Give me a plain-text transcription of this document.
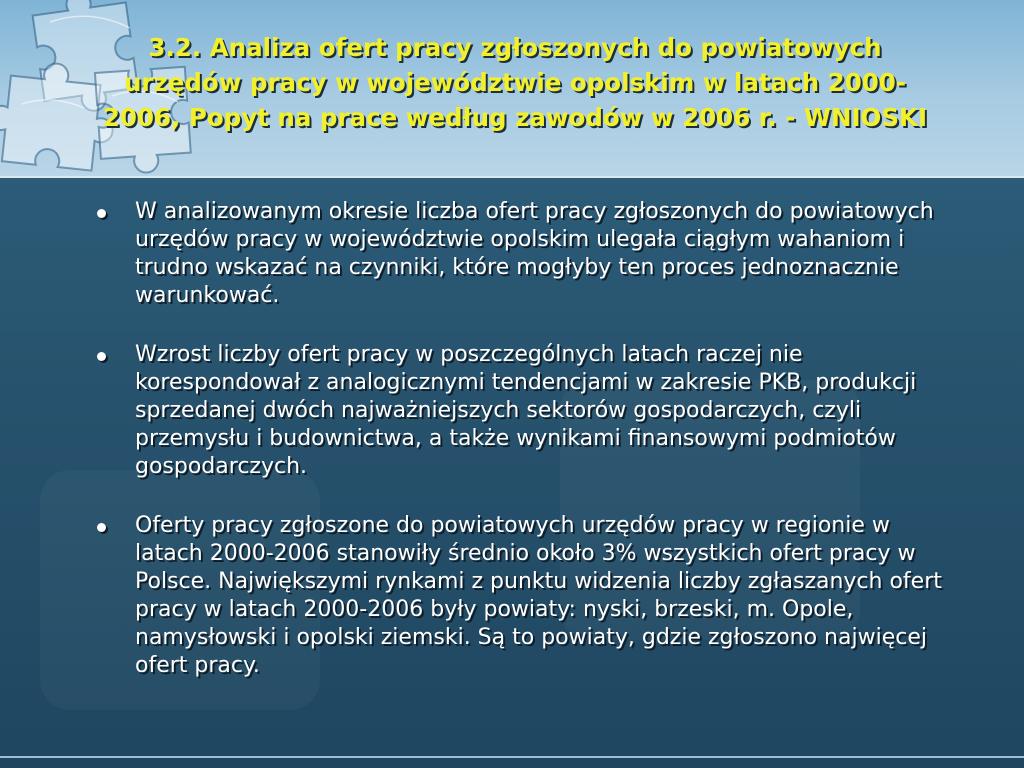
3.2. Analiza ofert pracy zgłoszonych do powiatowych urzędów pracy w województwie opolskim w latach 2000-2006, Popyt na prace według zawodów w 2006 r. - WNIOSKI
W analizowanym okresie liczba ofert pracy zgłoszonych do powiatowych urzędów pracy w województwie opolskim ulegała ciągłym wahaniom i trudno wskazać na czynniki, które mogłyby ten proces jednoznacznie warunkować.
Wzrost liczby ofert pracy w poszczególnych latach raczej nie korespondował z analogicznymi tendencjami w zakresie PKB, produkcji sprzedanej dwóch najważniejszych sektorów gospodarczych, czyli przemysłu i budownictwa, a także wynikami finansowymi podmiotów gospodarczych.
Oferty pracy zgłoszone do powiatowych urzędów pracy w regionie w latach 2000-2006 stanowiły średnio około 3% wszystkich ofert pracy w Polsce. Największymi rynkami z punktu widzenia liczby zgłaszanych ofert pracy w latach 2000-2006 były powiaty: nyski, brzeski, m. Opole, namysłowski i opolski ziemski. Są to powiaty, gdzie zgłoszono najwięcej ofert pracy.
